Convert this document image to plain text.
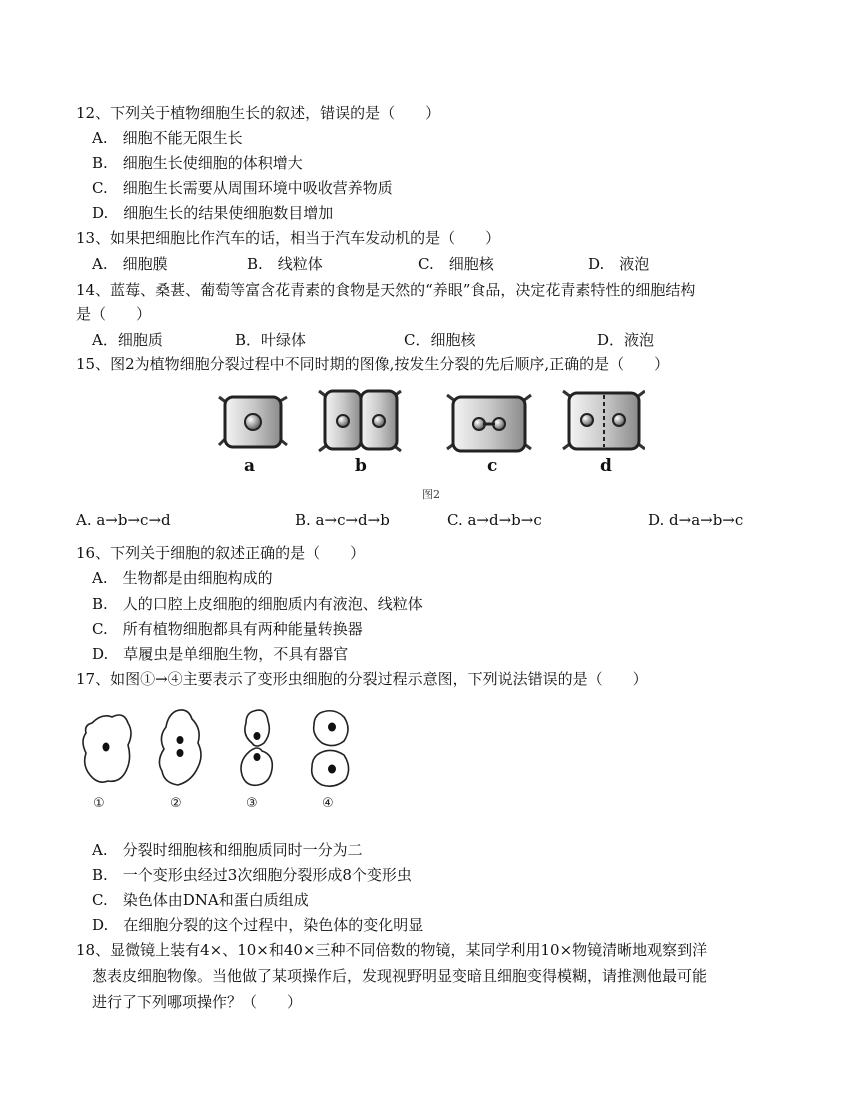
12、下列关于植物细胞生长的叙述，错误的是（　　）
A.　细胞不能无限生长
B.　细胞生长使细胞的体积增大
C.　细胞生长需要从周围环境中吸收营养物质
D.　细胞生长的结果使细胞数目增加
13、如果把细胞比作汽车的话，相当于汽车发动机的是（　　）
A.　细胞膜	B.　线粒体	C.　细胞核	D.　液泡
14、蓝莓、桑葚、葡萄等富含花青素的食物是天然的“养眼”食品，决定花青素特性的细胞结构
是（　　）
A．细胞质	B．叶绿体	C．细胞核	D．液泡
15、图2为植物细胞分裂过程中不同时期的图像,按发生分裂的先后顺序,正确的是（　　）
a	b	c	d
图2
A. a→b→c→d	B. a→c→d→b	C. a→d→b→c	D. d→a→b→c
16、下列关于细胞的叙述正确的是（　　）
A.　生物都是由细胞构成的
B.　人的口腔上皮细胞的细胞质内有液泡、线粒体
C.　所有植物细胞都具有两种能量转换器
D.　草履虫是单细胞生物，不具有器官
17、如图①→④主要表示了变形虫细胞的分裂过程示意图，下列说法错误的是（　　）
①	②	③	④
A.　分裂时细胞核和细胞质同时一分为二
B.　一个变形虫经过3次细胞分裂形成8个变形虫
C.　染色体由DNA和蛋白质组成
D.　在细胞分裂的这个过程中，染色体的变化明显
18、显微镜上装有4×、10×和40×三种不同倍数的物镜，某同学利用10×物镜清晰地观察到洋
葱表皮细胞物像。当他做了某项操作后，发现视野明显变暗且细胞变得模糊，请推测他最可能
进行了下列哪项操作？（　　）
